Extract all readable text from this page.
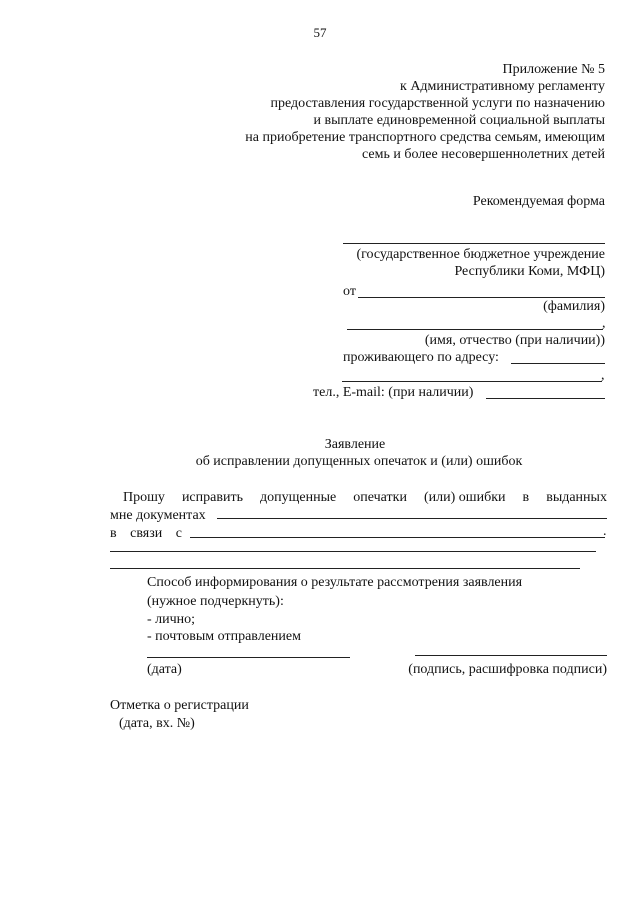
57
Приложение № 5
к Административному регламенту
предоставления государственной услуги по назначению
и выплате единовременной социальной выплаты
на приобретение транспортного средства семьям, имеющим
семь и более несовершеннолетних детей
Рекомендуемая форма
(государственное бюджетное учреждение
Республики Коми, МФЦ)
от
(фамилия)
,
(имя, отчество (при наличии))
проживающего по адресу:
,
тел., E-mail: (при наличии)
Заявление
об исправлении допущенных опечаток и (или) ошибок
Прошу исправить допущенные опечатки (или) ошибки в выданных
мне документах
в связи с	.
Способ информирования о результате рассмотрения заявления
(нужное подчеркнуть):
- лично;
- почтовым отправлением
(дата)	(подпись, расшифровка подписи)
Отметка о регистрации
(дата, вх. №)
